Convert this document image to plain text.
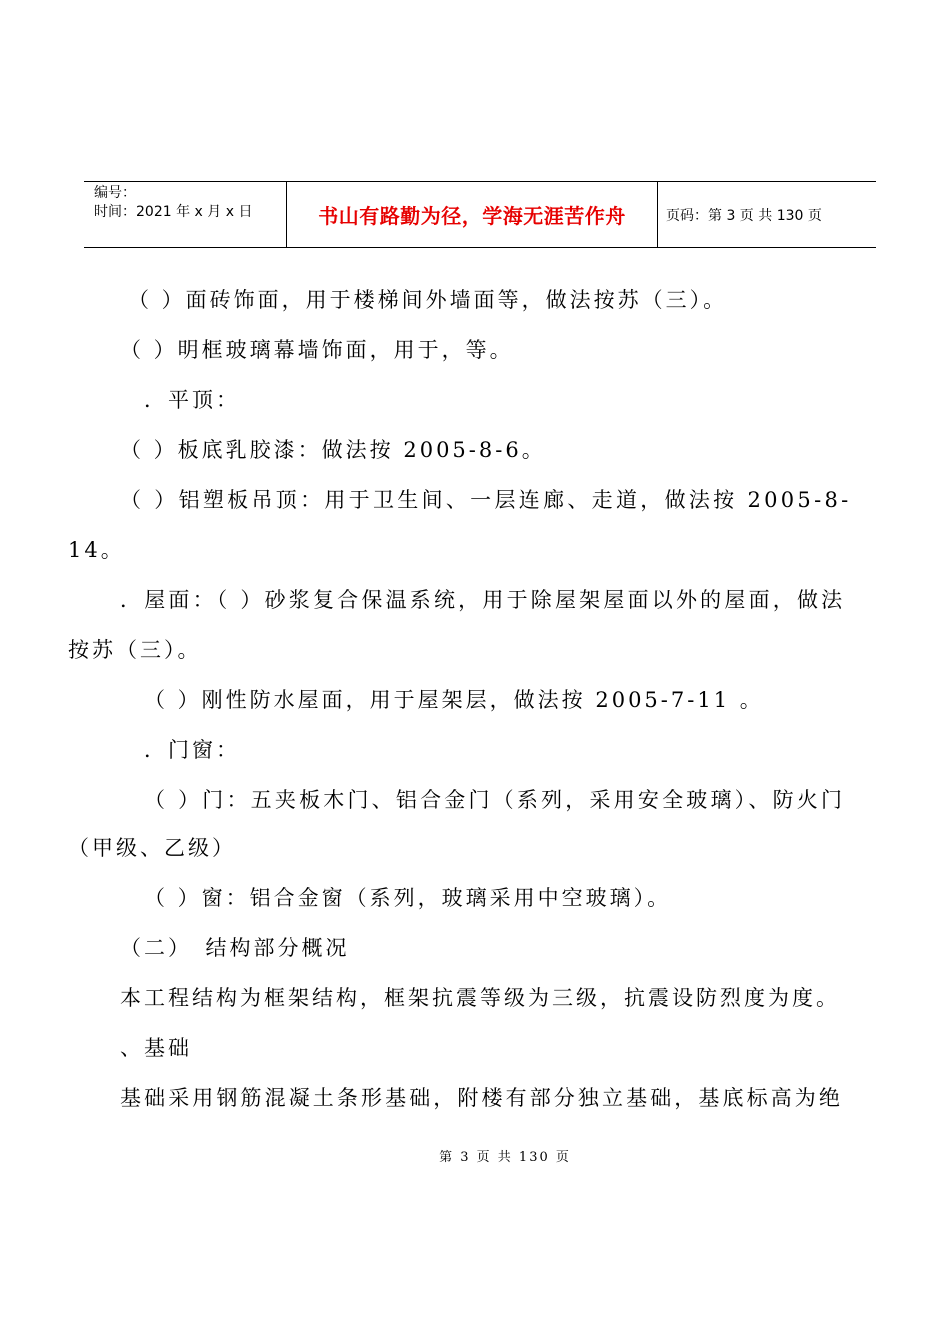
编号：
时间：2021 年 x 月 x 日	书山有路勤为径，学海无涯苦作舟	页码：第 3 页 共 130 页
（ ）面砖饰面，用于楼梯间外墙面等，做法按苏（三）。
（ ）明框玻璃幕墙饰面，用于，等。
．平顶：
（ ）板底乳胶漆：做法按 2005-8-6。
（ ）铝塑板吊顶：用于卫生间、一层连廊、走道，做法按 2005-8-
14。
．屋面：（ ）砂浆复合保温系统，用于除屋架屋面以外的屋面，做法
按苏（三）。
（ ）刚性防水屋面，用于屋架层，做法按 2005-7-11 。
．门窗：
（ ）门：五夹板木门、铝合金门（系列，采用安全玻璃）、防火门
（甲级、乙级）
（ ）窗：铝合金窗（系列，玻璃采用中空玻璃）。
（二）　结构部分概况
本工程结构为框架结构，框架抗震等级为三级，抗震设防烈度为度。
、基础
基础采用钢筋混凝土条形基础，附楼有部分独立基础，基底标高为绝
第 3 页 共 130 页
